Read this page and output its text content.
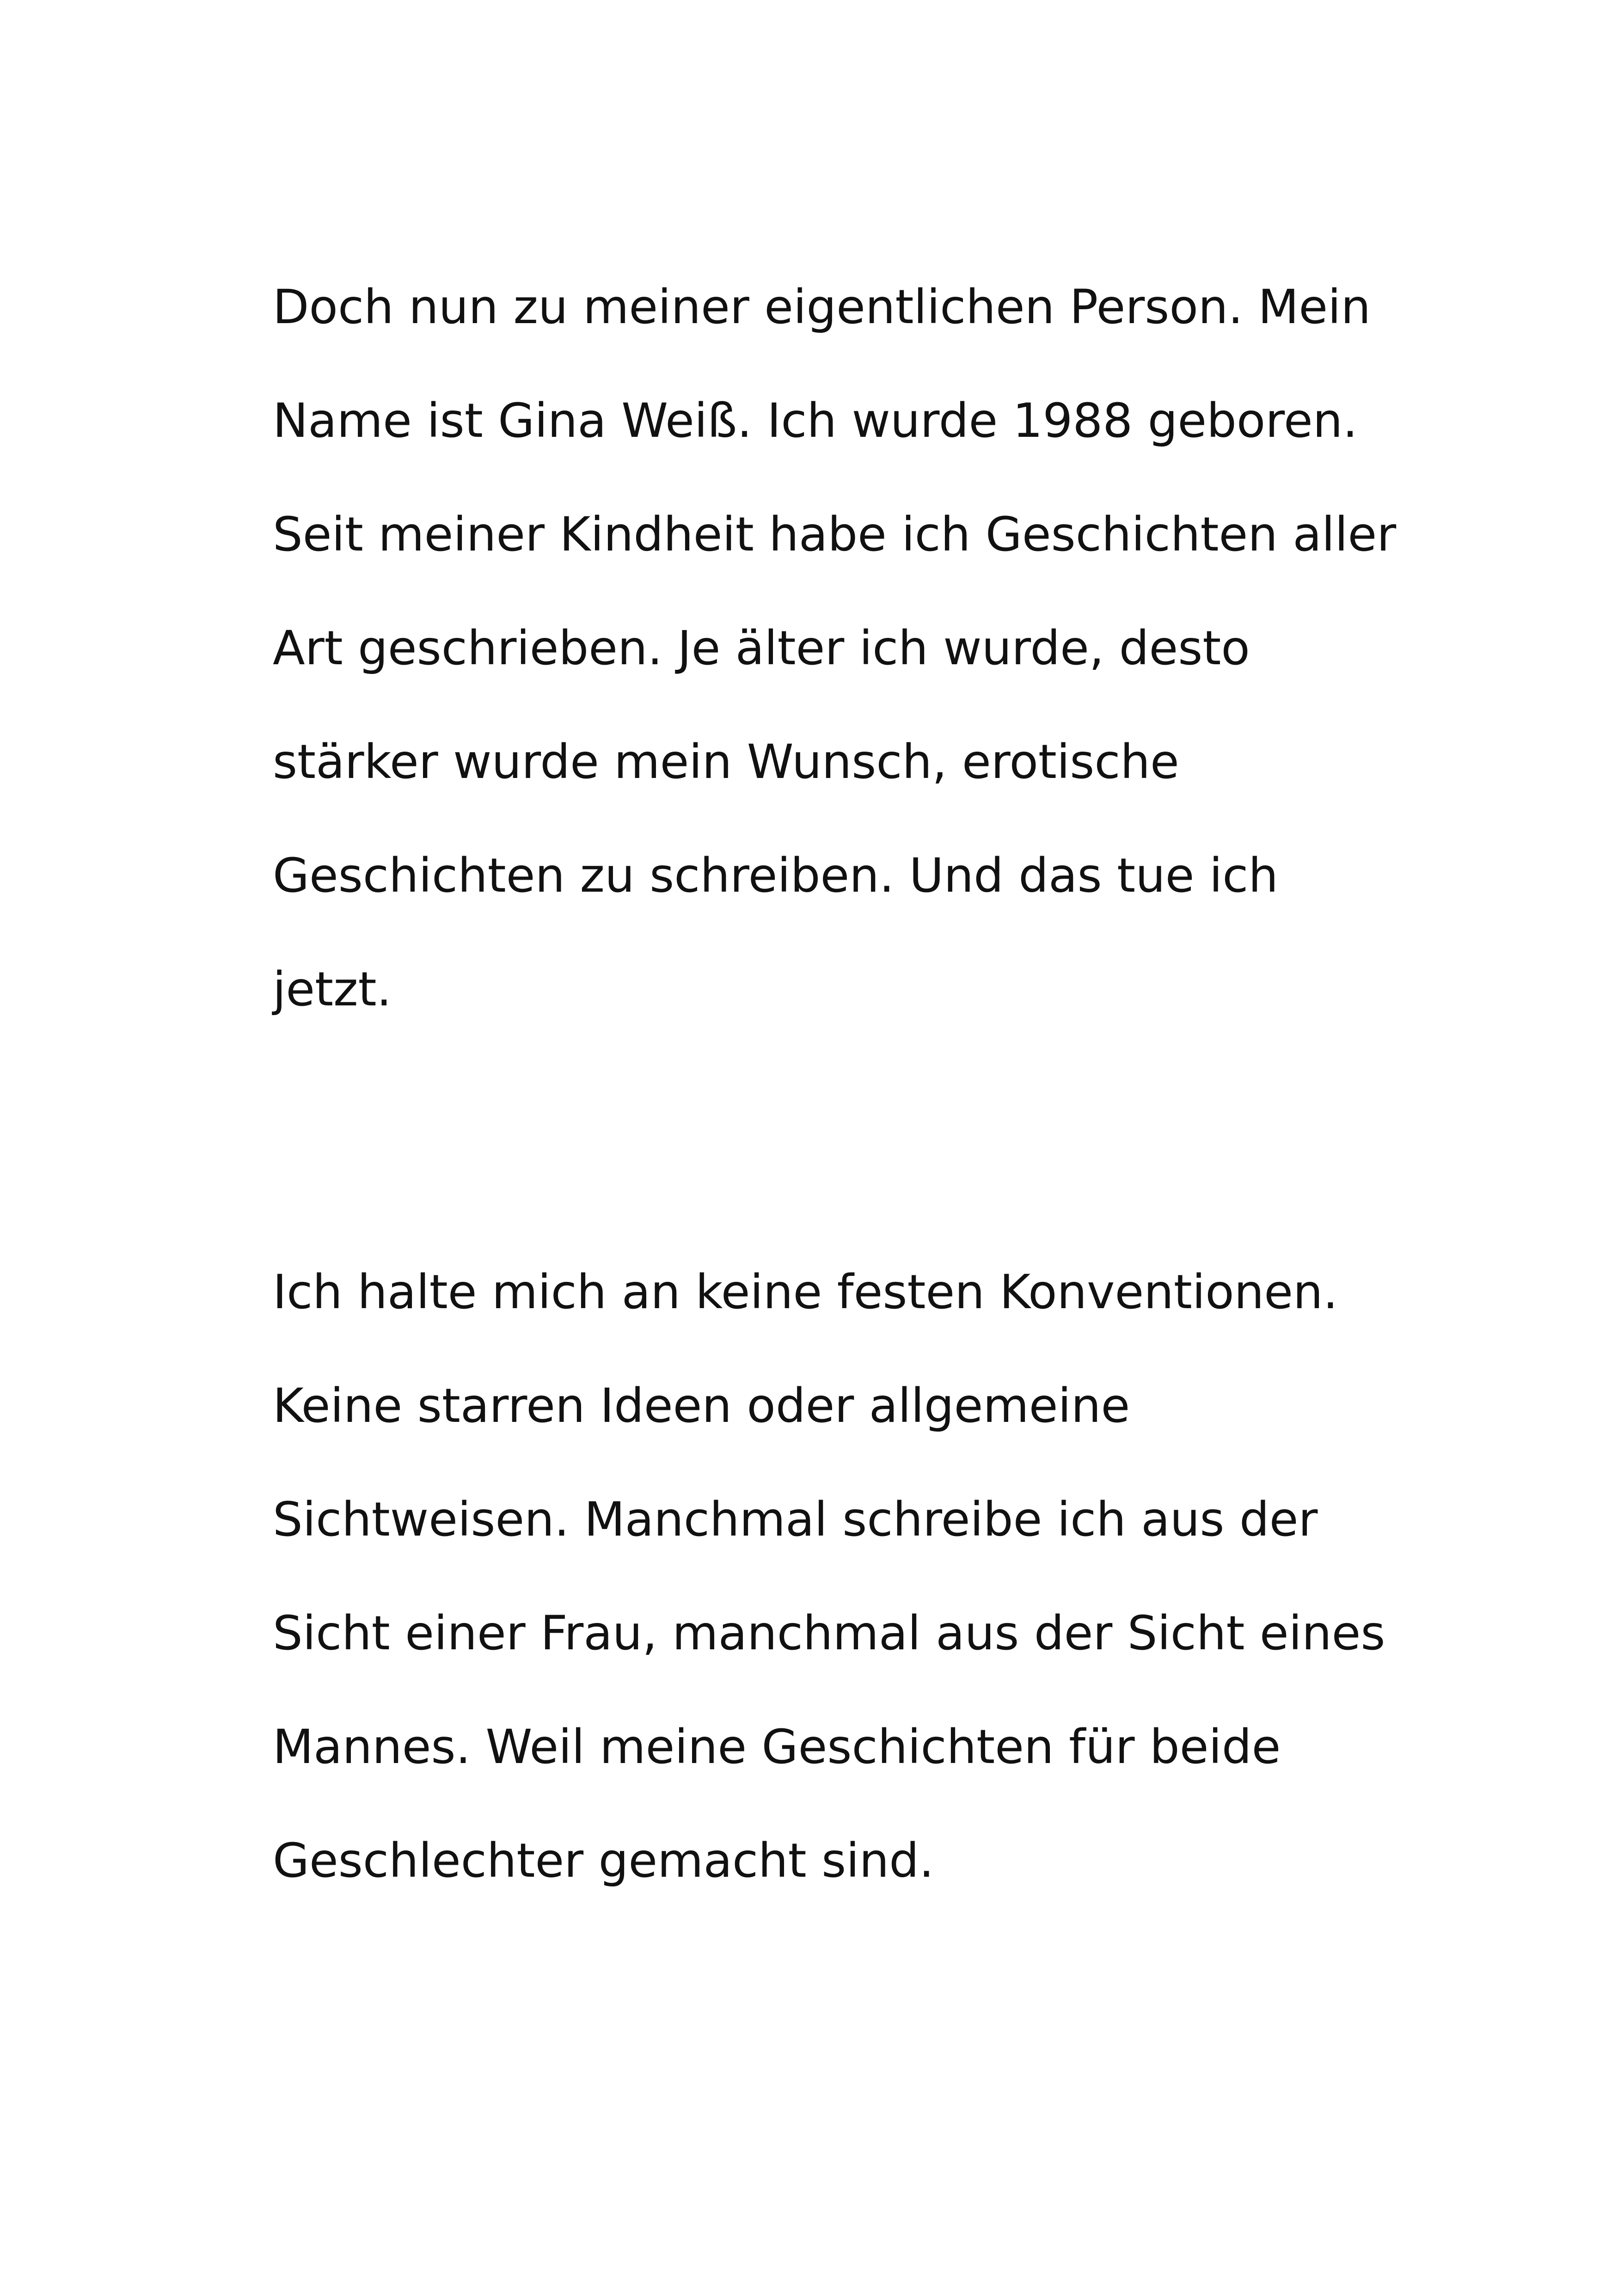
Doch nun zu meiner eigentlichen Person. Mein
Name ist Gina Weiß. Ich wurde 1988 geboren.
Seit meiner Kindheit habe ich Geschichten aller
Art geschrieben. Je älter ich wurde, desto
stärker wurde mein Wunsch, erotische
Geschichten zu schreiben. Und das tue ich
jetzt.
Ich halte mich an keine festen Konventionen.
Keine starren Ideen oder allgemeine
Sichtweisen. Manchmal schreibe ich aus der
Sicht einer Frau, manchmal aus der Sicht eines
Mannes. Weil meine Geschichten für beide
Geschlechter gemacht sind.
